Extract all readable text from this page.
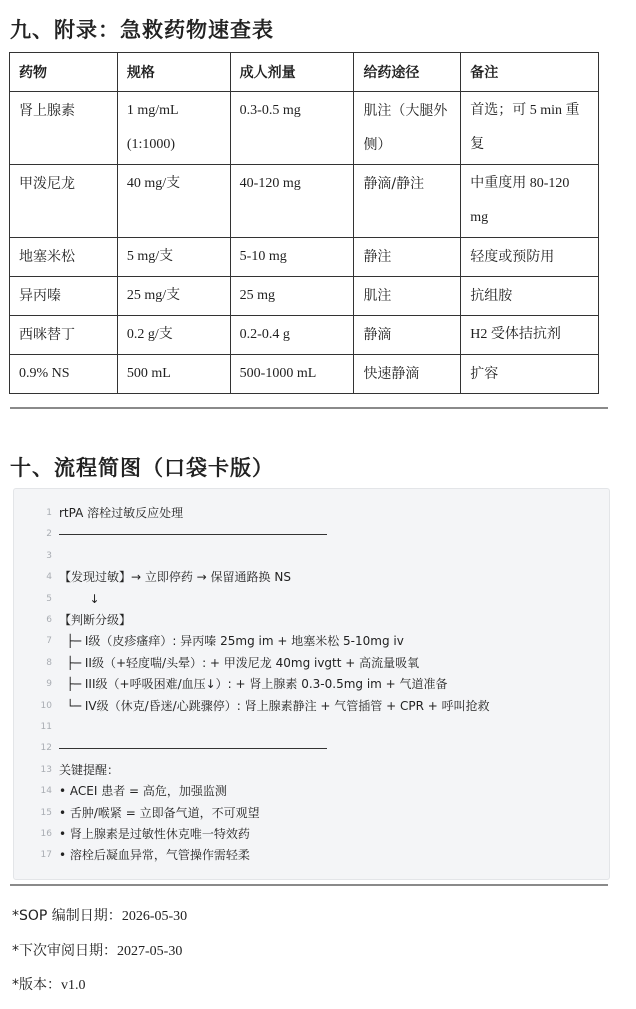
九、附录：急救药物速查表
药物	规格	成人剂量	给药途径	备注
肾上腺素	1 mg/mL (1:1000)	0.3-0.5 mg	肌注（大腿外侧）	首选；可 5 min 重复
甲泼尼龙	40 mg/支	40-120 mg	静滴/静注	中重度用 80-120 mg
地塞米松	5 mg/支	5-10 mg	静注	轻度或预防用
异丙嗪	25 mg/支	25 mg	肌注	抗组胺
西咪替丁	0.2 g/支	0.2-0.4 g	静滴	H2 受体拮抗剂
0.9% NS	500 mL	500-1000 mL	快速静滴	扩容
十、流程简图（口袋卡版）
1 rtPA 溶栓过敏反应处理
2
3
4 【发现过敏】→ 立即停药 → 保留通路换 NS
5 ↓
6 【判断分级】
7 ├─ I级（皮疹瘙痒）: 异丙嗪 25mg im + 地塞米松 5-10mg iv
8 ├─ II级（+轻度喘/头晕）: + 甲泼尼龙 40mg ivgtt + 高流量吸氧
9 ├─ III级（+呼吸困难/血压↓）: + 肾上腺素 0.3-0.5mg im + 气道准备
10 └─ IV级（休克/昏迷/心跳骤停）: 肾上腺素静注 + 气管插管 + CPR + 呼叫抢救
11
12
13 关键提醒：
14 • ACEI 患者 = 高危，加强监测
15 • 舌肿/喉紧 = 立即备气道，不可观望
16 • 肾上腺素是过敏性休克唯一特效药
17 • 溶栓后凝血异常，气管操作需轻柔
*SOP 编制日期：2026-05-30
*下次审阅日期：2027-05-30
*版本：v1.0
